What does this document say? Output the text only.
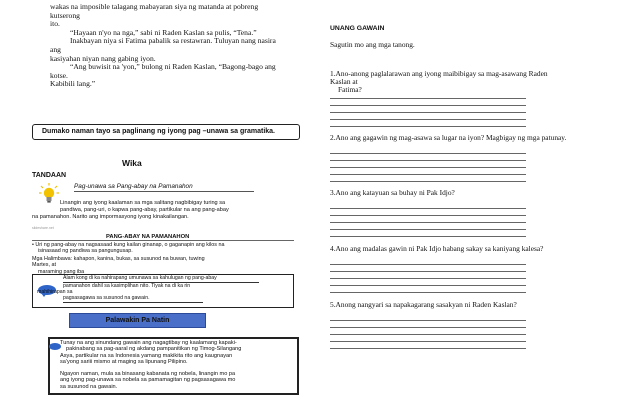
wakas na imposible talagang mabayaran siya ng matanda at pobreng

kutserong

ito.

“Hayaan n'yo na nga,” sabi ni Raden Kaslan sa pulis, “Tena.”

Inakbayan niya si Fatima pabalik sa restawran. Tuluyan nang nasira

ang

kasiyahan niyan nang gabing iyon.

“Ang buwisit na 'yon,” bulong ni Raden Kaslan, “Bagong-bago ang

kotse.

Kabibili lang.”

Dumako naman tayo sa paglinang ng iyong pag –unawa sa gramatika.
Wika
TANDAAN
Pag-unawa sa Pang-abay na Pamanahon

Linangin ang iyong kaalaman sa mga salitang nagbibigay turing sa

pandiwa, pang-uri, o kapwa pang-abay, partikular na ang pang-abay

na pamanahon. Narito ang impormasyong iyong kinakailangan.

slideshare.net
PANG-ABAY NA PAMANAHON

• Uri ng pang-abay na nagsasaad kung kailan ginanap, o gaganapin ang kilos na

isinasaad ng pandiwa sa pangungusap.

Mga Halimbawa: kahapon, kanina, bukas, sa susunod na buwan, tuwing

Martes, at

maraming pang iba

Alam kong di ka nahirapang umunawa sa kahulugan ng pang-abay
pamanahon dahil sa kasimplihan nito. Tiyak na di ka rin
mahihirapan sa
pagsasagawa sa susunod na gawain.
Palawakin Pa Natin

Tunay na ang sinundang gawain ang nagagtibay ng kaalamang kapaki-

pakinabang sa pag-aaral ng akdang pampanitikan ng Timog-Silangang

Asya, partikular na sa Indonesia yamang makikita rito ang kaugnayan

sa'yong sariii mismo at maging sa lipunang Pilipino.

Ngayon naman, mula sa binasang kabanata ng nobela, linangin mo pa

ang iyong pag-unawa sa nobela sa pamamagitan ng pagsasagawa mo

sa susunod na gawain.

UNANG GAWAIN
Sagutin mo ang mga tanong.

1.Ano-anong paglalarawan ang iyong maibibigay sa mag-asawang Raden

Kaslan at

Fatima?

2.Ano ang gagawin ng mag-asawa sa lugar na iyon? Magbigay ng mga patunay.

3.Ano ang katayuan sa buhay ni Pak Idjo?

4.Ano ang madalas gawin ni Pak Idjo habang sakay sa kaniyang kalesa?

5.Anong nangyari sa napakagarang sasakyan ni Raden Kaslan?
